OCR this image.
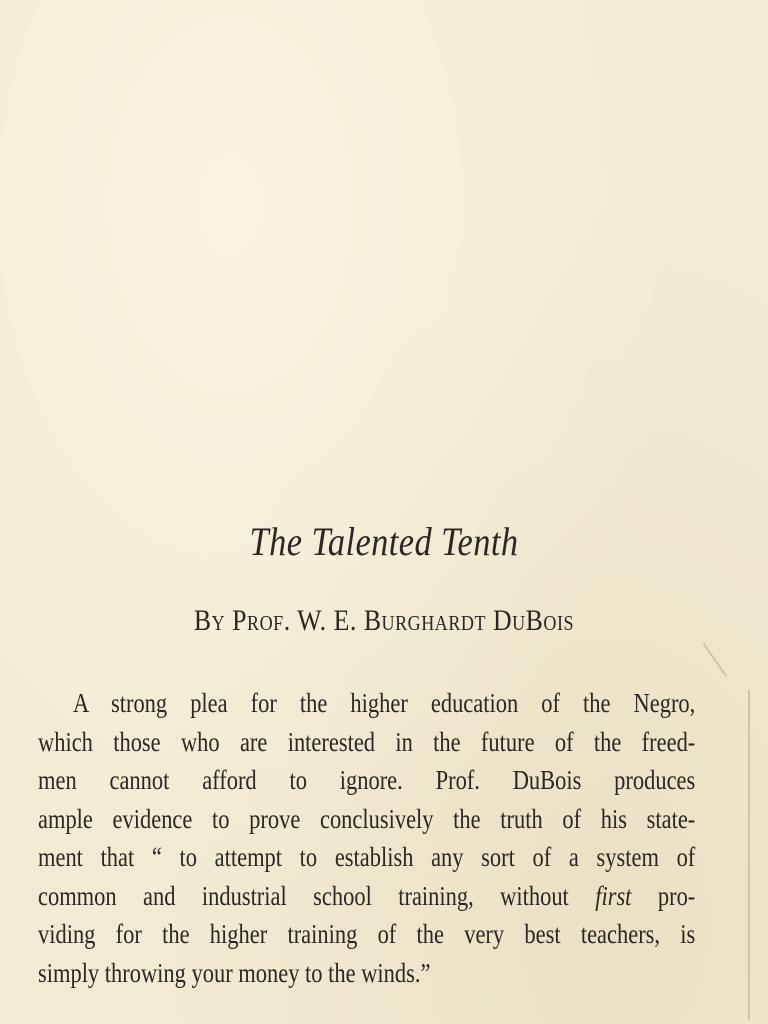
The Talented Tenth
By Prof. W. E. Burghardt DuBois
A strong plea for the higher education of the Negro,
which those who are interested in the future of the freed-
men cannot afford to ignore. Prof. DuBois produces
ample evidence to prove conclusively the truth of his state-
ment that “ to attempt to establish any sort of a system of
common and industrial school training, without first pro-
viding for the higher training of the very best teachers, is
simply throwing your money to the winds.”
